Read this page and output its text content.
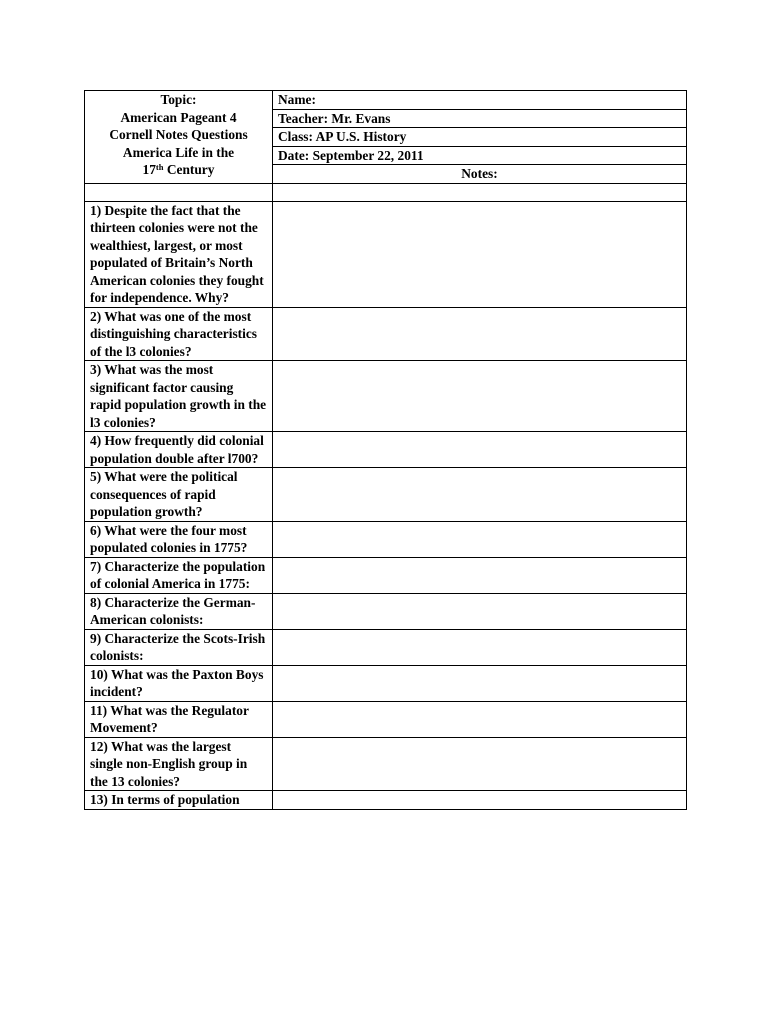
Topic:
American Pageant 4
Cornell Notes Questions
America Life in the
17th Century	Name:
	Teacher: Mr. Evans
	Class: AP U.S. History
	Date: September 22, 2011
	Notes:

1) Despite the fact that the thirteen colonies were not the wealthiest, largest, or most populated of Britain’s North American colonies they fought for independence. Why?	
2) What was one of the most distinguishing characteristics of the l3 colonies?	
3) What was the most significant factor causing rapid population growth in the l3 colonies?	
4) How frequently did colonial population double after l700?	
5) What were the political consequences of rapid population growth?	
6) What were the four most populated colonies in 1775?	
7) Characterize the population of colonial America in 1775:	
8) Characterize the German-American colonists:	
9) Characterize the Scots-Irish colonists:	
10) What was the Paxton Boys incident?	
11) What was the Regulator Movement?	
12) What was the largest single non-English group in the 13 colonies?	
13) In terms of population	
